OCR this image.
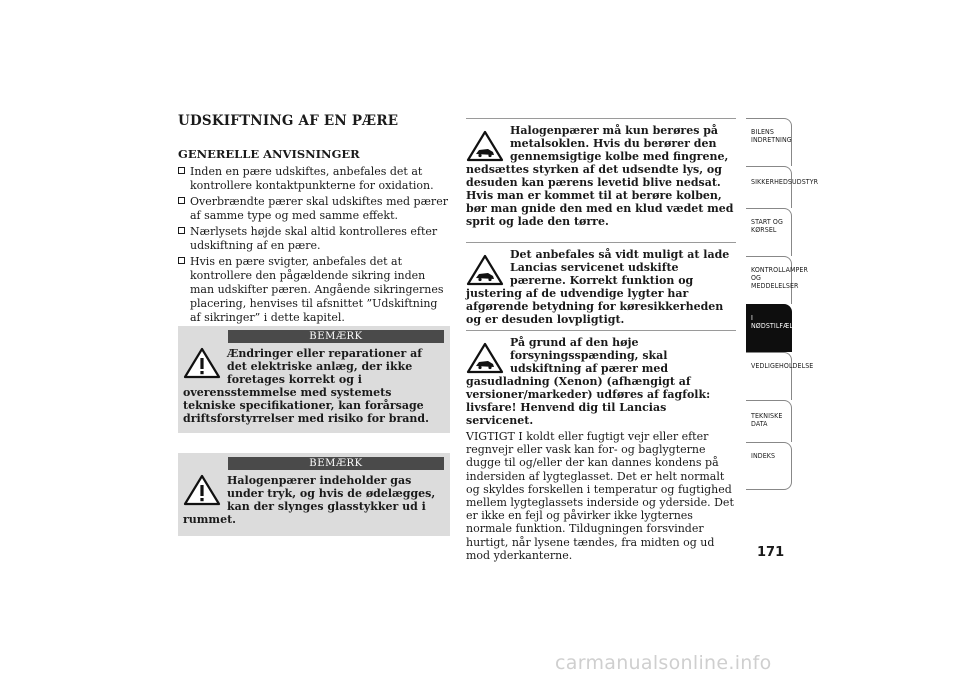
UDSKIFTNING AF EN PÆRE
GENERELLE ANVISNINGER
Inden en pære udskiftes, anbefales det at kontrollere kontaktpunkterne for oxidation.
Overbrændte pærer skal udskiftes med pærer af samme type og med samme effekt.
Nærlysets højde skal altid kontrolleres efter udskiftning af en pære.
Hvis en pære svigter, anbefales det at kontrollere den pågældende sikring inden man udskifter pæren. Angående sikringernes placering, henvises til afsnittet ”Udskiftning af sikringer” i dette kapitel.
BEMÆRK
Ændringer eller reparationer af det elektriske anlæg, der ikke foretages korrekt og i overensstemmelse med systemets tekniske specifikationer, kan forårsage driftsforstyrrelser med risiko for brand.
BEMÆRK
Halogenpærer indeholder gas under tryk, og hvis de ødelægges, kan der slynges glasstykker ud i rummet.

Halogenpærer må kun berøres på metalsoklen. Hvis du berører den gennemsigtige kolbe med fingrene, nedsættes styrken af det udsendte lys, og desuden kan pærens levetid blive nedsat. Hvis man er kommet til at berøre kolben, bør man gnide den med en klud vædet med sprit og lade den tørre.

Det anbefales så vidt muligt at lade Lancias servicenet udskifte pærerne. Korrekt funktion og justering af de udvendige lygter har afgørende betydning for køresikkerheden og er desuden lovpligtigt.

På grund af den høje forsyningsspænding, skal udskiftning af pærer med gasudladning (Xenon) (afhængigt af versioner/markeder) udføres af fagfolk: livsfare! Henvend dig til Lancias servicenet.

VIGTIGT I koldt eller fugtigt vejr eller efter regnvejr eller vask kan for- og baglygterne dugge til og/eller der kan dannes kondens på indersiden af lygteglasset. Det er helt normalt og skyldes forskellen i temperatur og fugtighed mellem lygteglassets inderside og yderside. Det er ikke en fejl og påvirker ikke lygternes normale funktion. Tildugningen forsvinder hurtigt, når lysene tændes, fra midten og ud mod yderkanterne.

BILENS INDRETNING
SIKKERHEDSUDSTYR
START OG KØRSEL
KONTROLLAMPER OG MEDDELELSER
I NØDSTILFÆLDE
VEDLIGEHOLDELSE
TEKNISKE DATA
INDEKS

171

carmanualsonline.info
